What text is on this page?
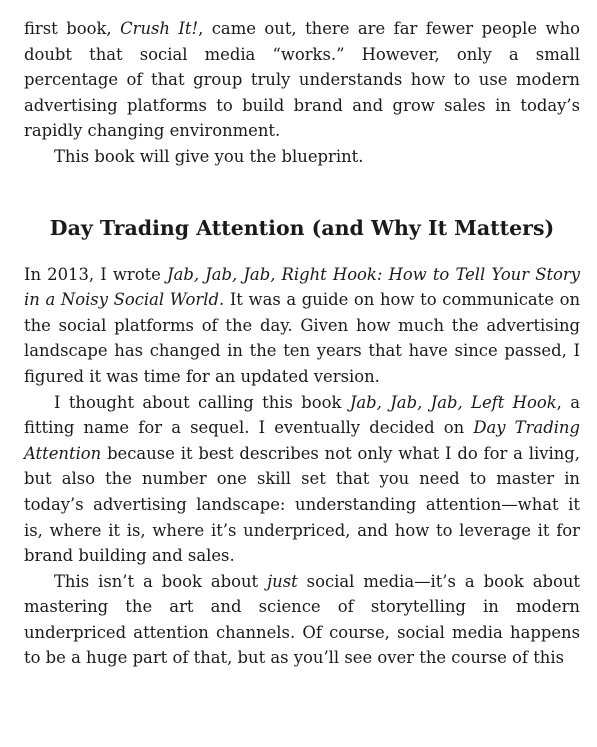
first book, Crush It!, came out, there are far fewer people who doubt that social media “works.” However, only a small percentage of that group truly understands how to use modern advertising platforms to build brand and grow sales in today’s rapidly changing environment.

This book will give you the blueprint.

Day Trading Attention (and Why It Matters)

In 2013, I wrote Jab, Jab, Jab, Right Hook: How to Tell Your Story in a Noisy Social World. It was a guide on how to communicate on the social platforms of the day. Given how much the advertising landscape has changed in the ten years that have since passed, I figured it was time for an updated version.

I thought about calling this book Jab, Jab, Jab, Left Hook, a fitting name for a sequel. I eventually decided on Day Trading Attention because it best describes not only what I do for a living, but also the number one skill set that you need to master in today’s advertising landscape: understanding attention—what it is, where it is, where it’s underpriced, and how to leverage it for brand building and sales.

This isn’t a book about just social media—it’s a book about mastering the art and science of storytelling in modern underpriced attention channels. Of course, social media happens to be a huge part of that, but as you’ll see over the course of this
